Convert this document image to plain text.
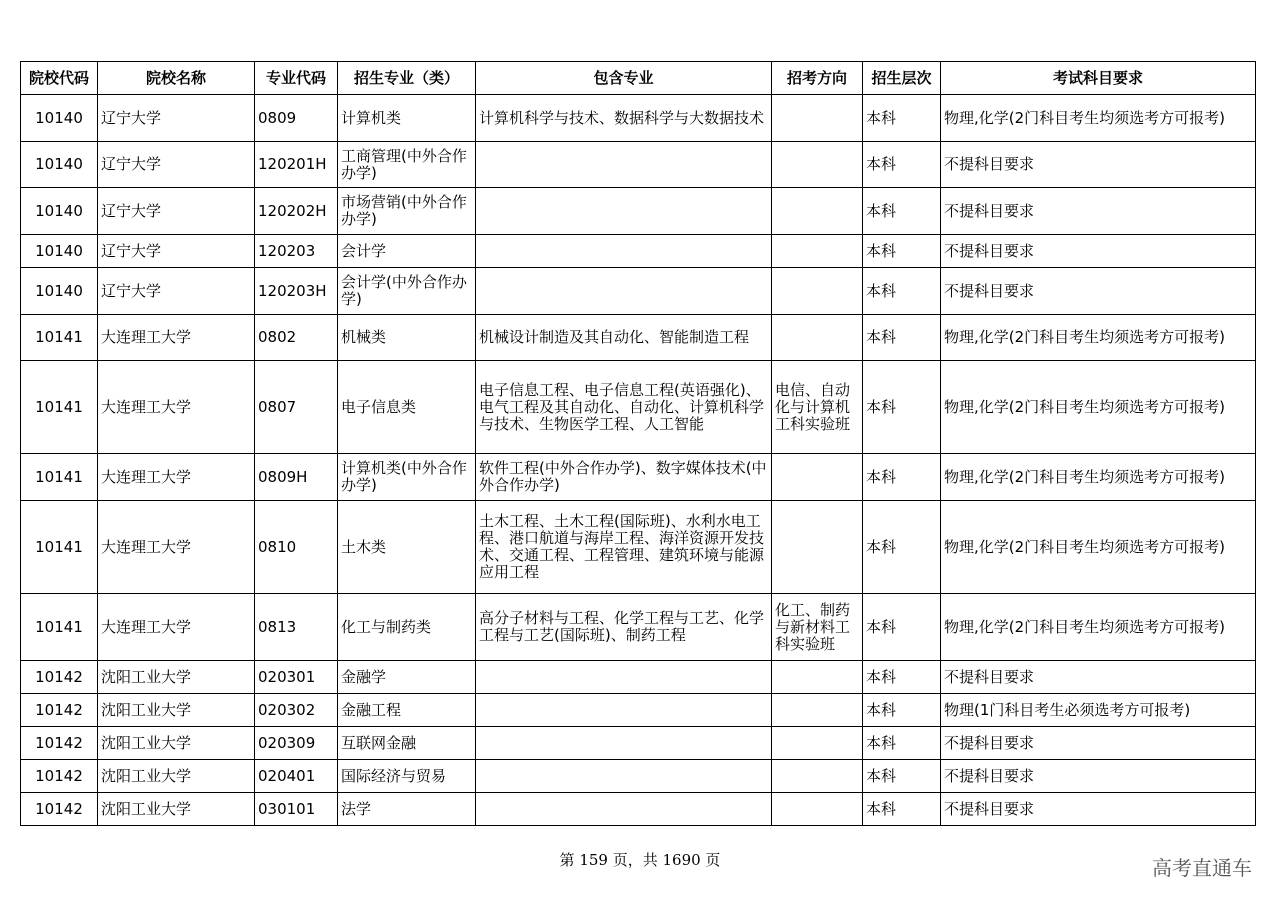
院校代码	院校名称	专业代码	招生专业（类）	包含专业	招考方向	招生层次	考试科目要求
10140	辽宁大学	0809	计算机类	计算机科学与技术、数据科学与大数据技术		本科	物理,化学(2门科目考生均须选考方可报考)
10140	辽宁大学	120201H	工商管理(中外合作办学)			本科	不提科目要求
10140	辽宁大学	120202H	市场营销(中外合作办学)			本科	不提科目要求
10140	辽宁大学	120203	会计学			本科	不提科目要求
10140	辽宁大学	120203H	会计学(中外合作办学)			本科	不提科目要求
10141	大连理工大学	0802	机械类	机械设计制造及其自动化、智能制造工程		本科	物理,化学(2门科目考生均须选考方可报考)
10141	大连理工大学	0807	电子信息类	电子信息工程、电子信息工程(英语强化)、电气工程及其自动化、自动化、计算机科学与技术、生物医学工程、人工智能	电信、自动化与计算机工科实验班	本科	物理,化学(2门科目考生均须选考方可报考)
10141	大连理工大学	0809H	计算机类(中外合作办学)	软件工程(中外合作办学)、数字媒体技术(中外合作办学)		本科	物理,化学(2门科目考生均须选考方可报考)
10141	大连理工大学	0810	土木类	土木工程、土木工程(国际班)、水利水电工程、港口航道与海岸工程、海洋资源开发技术、交通工程、工程管理、建筑环境与能源应用工程		本科	物理,化学(2门科目考生均须选考方可报考)
10141	大连理工大学	0813	化工与制药类	高分子材料与工程、化学工程与工艺、化学工程与工艺(国际班)、制药工程	化工、制药与新材料工科实验班	本科	物理,化学(2门科目考生均须选考方可报考)
10142	沈阳工业大学	020301	金融学			本科	不提科目要求
10142	沈阳工业大学	020302	金融工程			本科	物理(1门科目考生必须选考方可报考)
10142	沈阳工业大学	020309	互联网金融			本科	不提科目要求
10142	沈阳工业大学	020401	国际经济与贸易			本科	不提科目要求
10142	沈阳工业大学	030101	法学			本科	不提科目要求
第 159 页，共 1690 页	高考直通车
